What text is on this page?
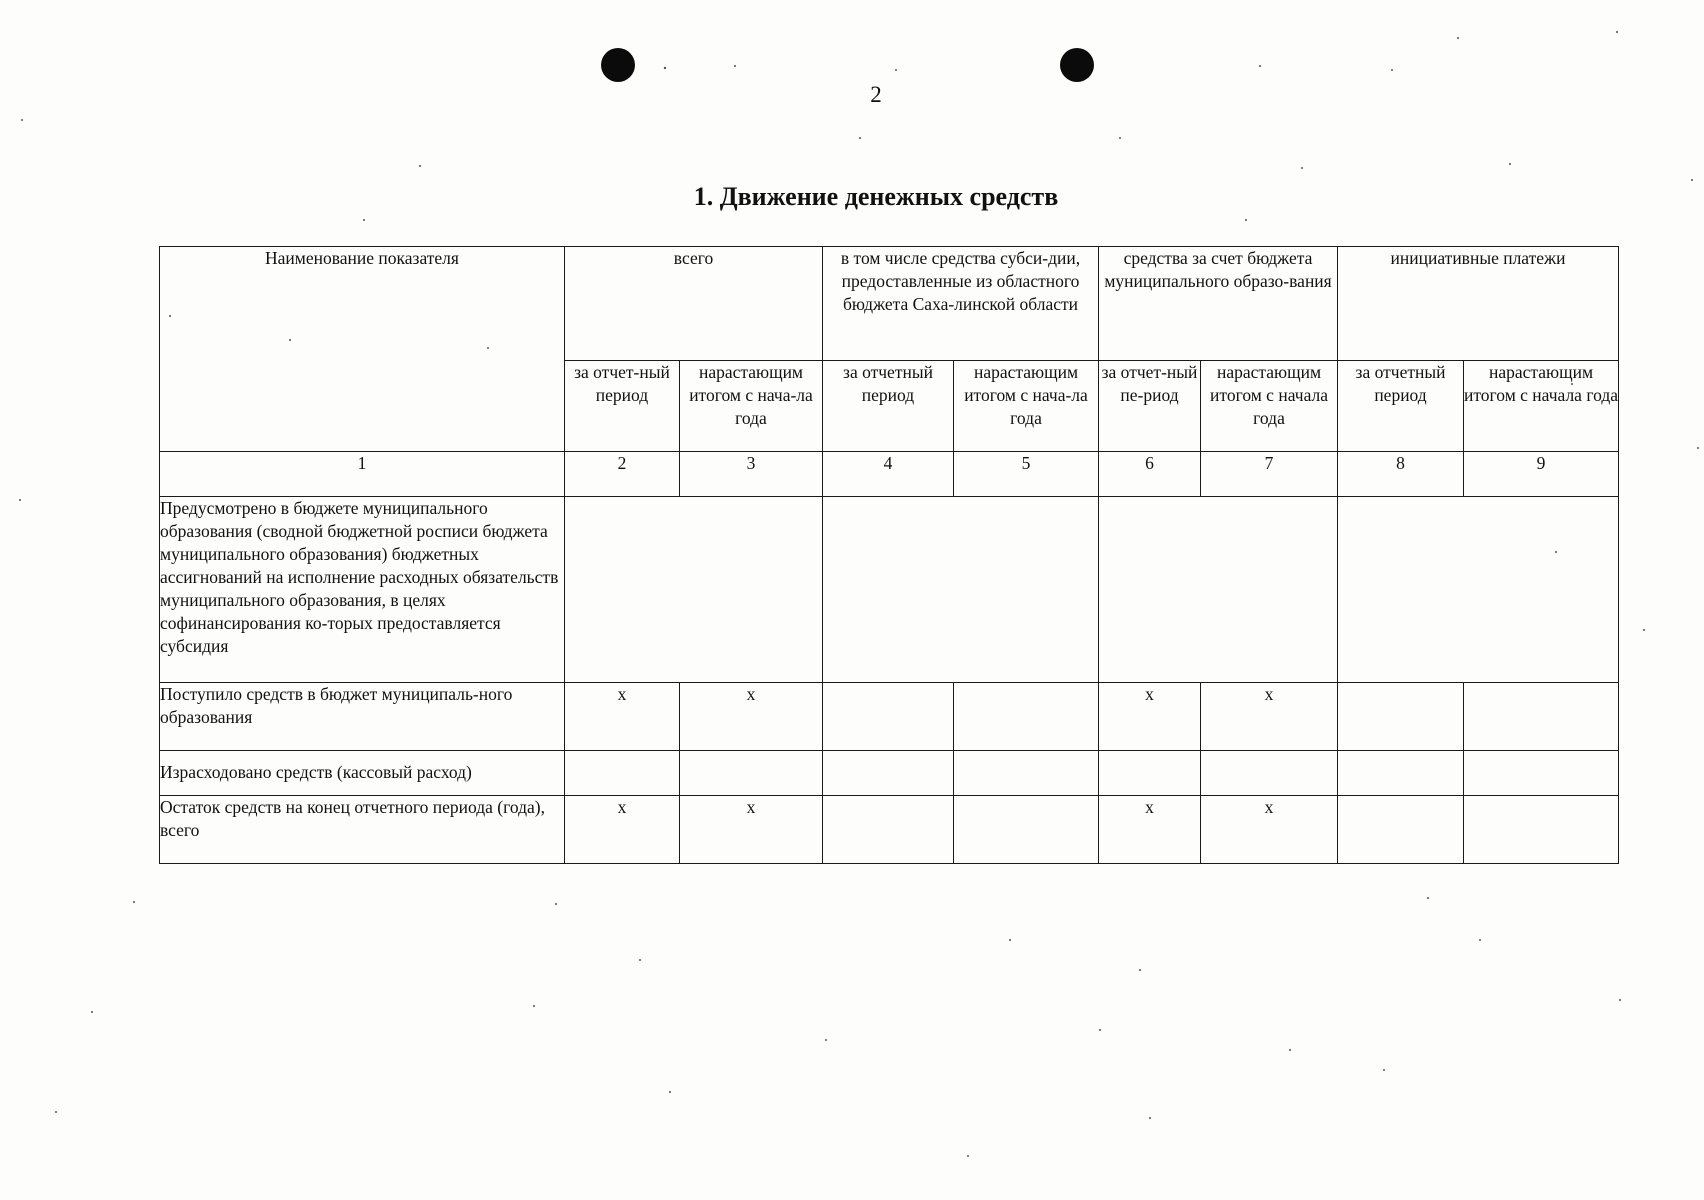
2
1. Движение денежных средств
Наименование показателя	всего		в том числе средства субси-дии, предоставленные из областного бюджета Саха-линской области		средства за счет бюджета муниципального образо-вания		инициативные платежи	
	за отчет-ный период	нарастающим итогом с нача-ла года	за отчетный период	нарастающим итогом с нача-ла года	за отчет-ный пе-риод	нарастающим итогом с начала года	за отчетный период	нарастающим итогом с начала года
1	2	3	4	5	6	7	8	9
Предусмотрено в бюджете муниципального образования (сводной бюджетной росписи бюджета муниципального образования) бюджетных ассигнований на исполнение расходных обязательств муниципального образования, в целях софинансирования ко-торых предоставляется субсидия								
Поступило средств в бюджет муниципаль-ного образования	x	x			x	x		
Израсходовано средств (кассовый расход)								
Остаток средств на конец отчетного периода (года), всего	x	x			x	x		
